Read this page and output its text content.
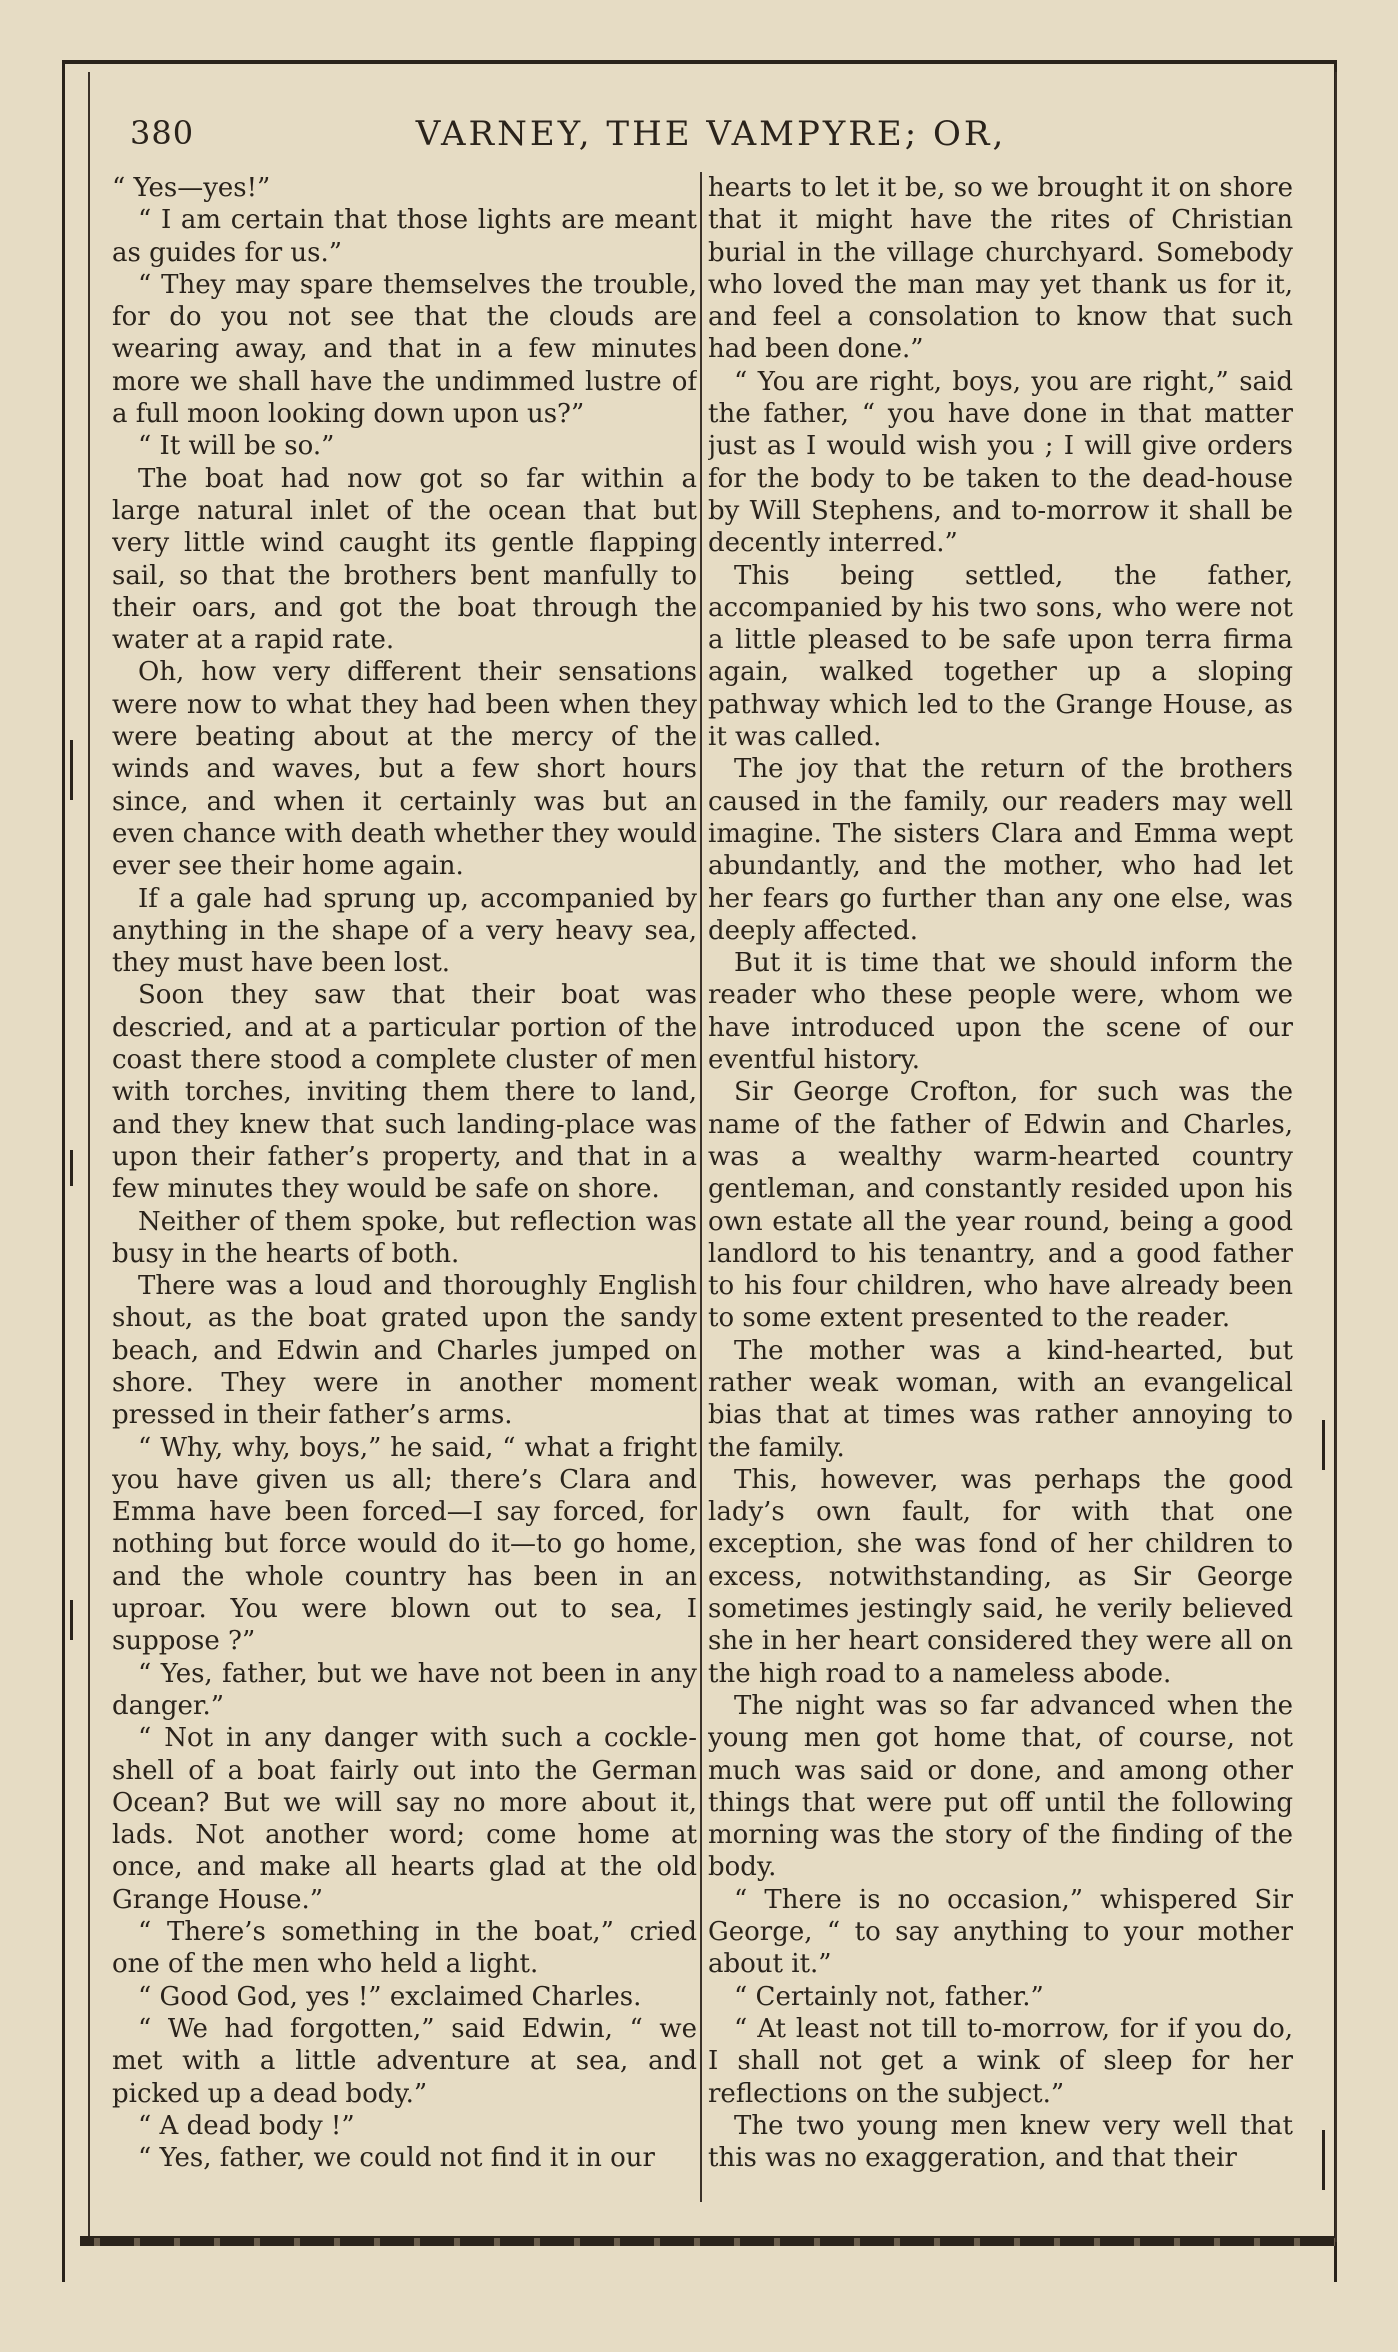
380	VARNEY, THE VAMPYRE; OR,

“ Yes—yes!”

“ I am certain that those lights are meant as guides for us.”

“ They may spare themselves the trouble, for do you not see that the clouds are wearing away, and that in a few minutes more we shall have the undimmed lustre of a full moon looking down upon us?”

“ It will be so.”

The boat had now got so far within a large natural inlet of the ocean that but very little wind caught its gentle flapping sail, so that the brothers bent manfully to their oars, and got the boat through the water at a rapid rate.

Oh, how very different their sensations were now to what they had been when they were beating about at the mercy of the winds and waves, but a few short hours since, and when it certainly was but an even chance with death whether they would ever see their home again.

If a gale had sprung up, accompanied by anything in the shape of a very heavy sea, they must have been lost.

Soon they saw that their boat was descried, and at a particular portion of the coast there stood a complete cluster of men with torches, inviting them there to land, and they knew that such landing-place was upon their father’s property, and that in a few minutes they would be safe on shore.

Neither of them spoke, but reflection was busy in the hearts of both.

There was a loud and thoroughly English shout, as the boat grated upon the sandy beach, and Edwin and Charles jumped on shore. They were in another moment pressed in their father’s arms.

“ Why, why, boys,” he said, “ what a fright you have given us all; there’s Clara and Emma have been forced—I say forced, for nothing but force would do it—to go home, and the whole country has been in an uproar. You were blown out to sea, I suppose ?”

“ Yes, father, but we have not been in any danger.”

“ Not in any danger with such a cockle-shell of a boat fairly out into the German Ocean? But we will say no more about it, lads. Not another word; come home at once, and make all hearts glad at the old Grange House.”

“ There’s something in the boat,” cried one of the men who held a light.

“ Good God, yes !” exclaimed Charles.

“ We had forgotten,” said Edwin, “ we met with a little adventure at sea, and picked up a dead body.”

“ A dead body !”

“ Yes, father, we could not find it in our

hearts to let it be, so we brought it on shore that it might have the rites of Christian burial in the village churchyard. Somebody who loved the man may yet thank us for it, and feel a consolation to know that such had been done.”

“ You are right, boys, you are right,” said the father, “ you have done in that matter just as I would wish you ; I will give orders for the body to be taken to the dead-house by Will Stephens, and to-morrow it shall be decently interred.”

This being settled, the father, accompanied by his two sons, who were not a little pleased to be safe upon terra firma again, walked together up a sloping pathway which led to the Grange House, as it was called.

The joy that the return of the brothers caused in the family, our readers may well imagine. The sisters Clara and Emma wept abundantly, and the mother, who had let her fears go further than any one else, was deeply affected.

But it is time that we should inform the reader who these people were, whom we have introduced upon the scene of our eventful history.

Sir George Crofton, for such was the name of the father of Edwin and Charles, was a wealthy warm-hearted country gentleman, and constantly resided upon his own estate all the year round, being a good landlord to his tenantry, and a good father to his four children, who have already been to some extent presented to the reader.

The mother was a kind-hearted, but rather weak woman, with an evangelical bias that at times was rather annoying to the family.

This, however, was perhaps the good lady’s own fault, for with that one exception, she was fond of her children to excess, notwithstanding, as Sir George sometimes jestingly said, he verily believed she in her heart considered they were all on the high road to a nameless abode.

The night was so far advanced when the young men got home that, of course, not much was said or done, and among other things that were put off until the following morning was the story of the finding of the body.

“ There is no occasion,” whispered Sir George, “ to say anything to your mother about it.”

“ Certainly not, father.”

“ At least not till to-morrow, for if you do, I shall not get a wink of sleep for her reflections on the subject.”

The two young men knew very well that this was no exaggeration, and that their
